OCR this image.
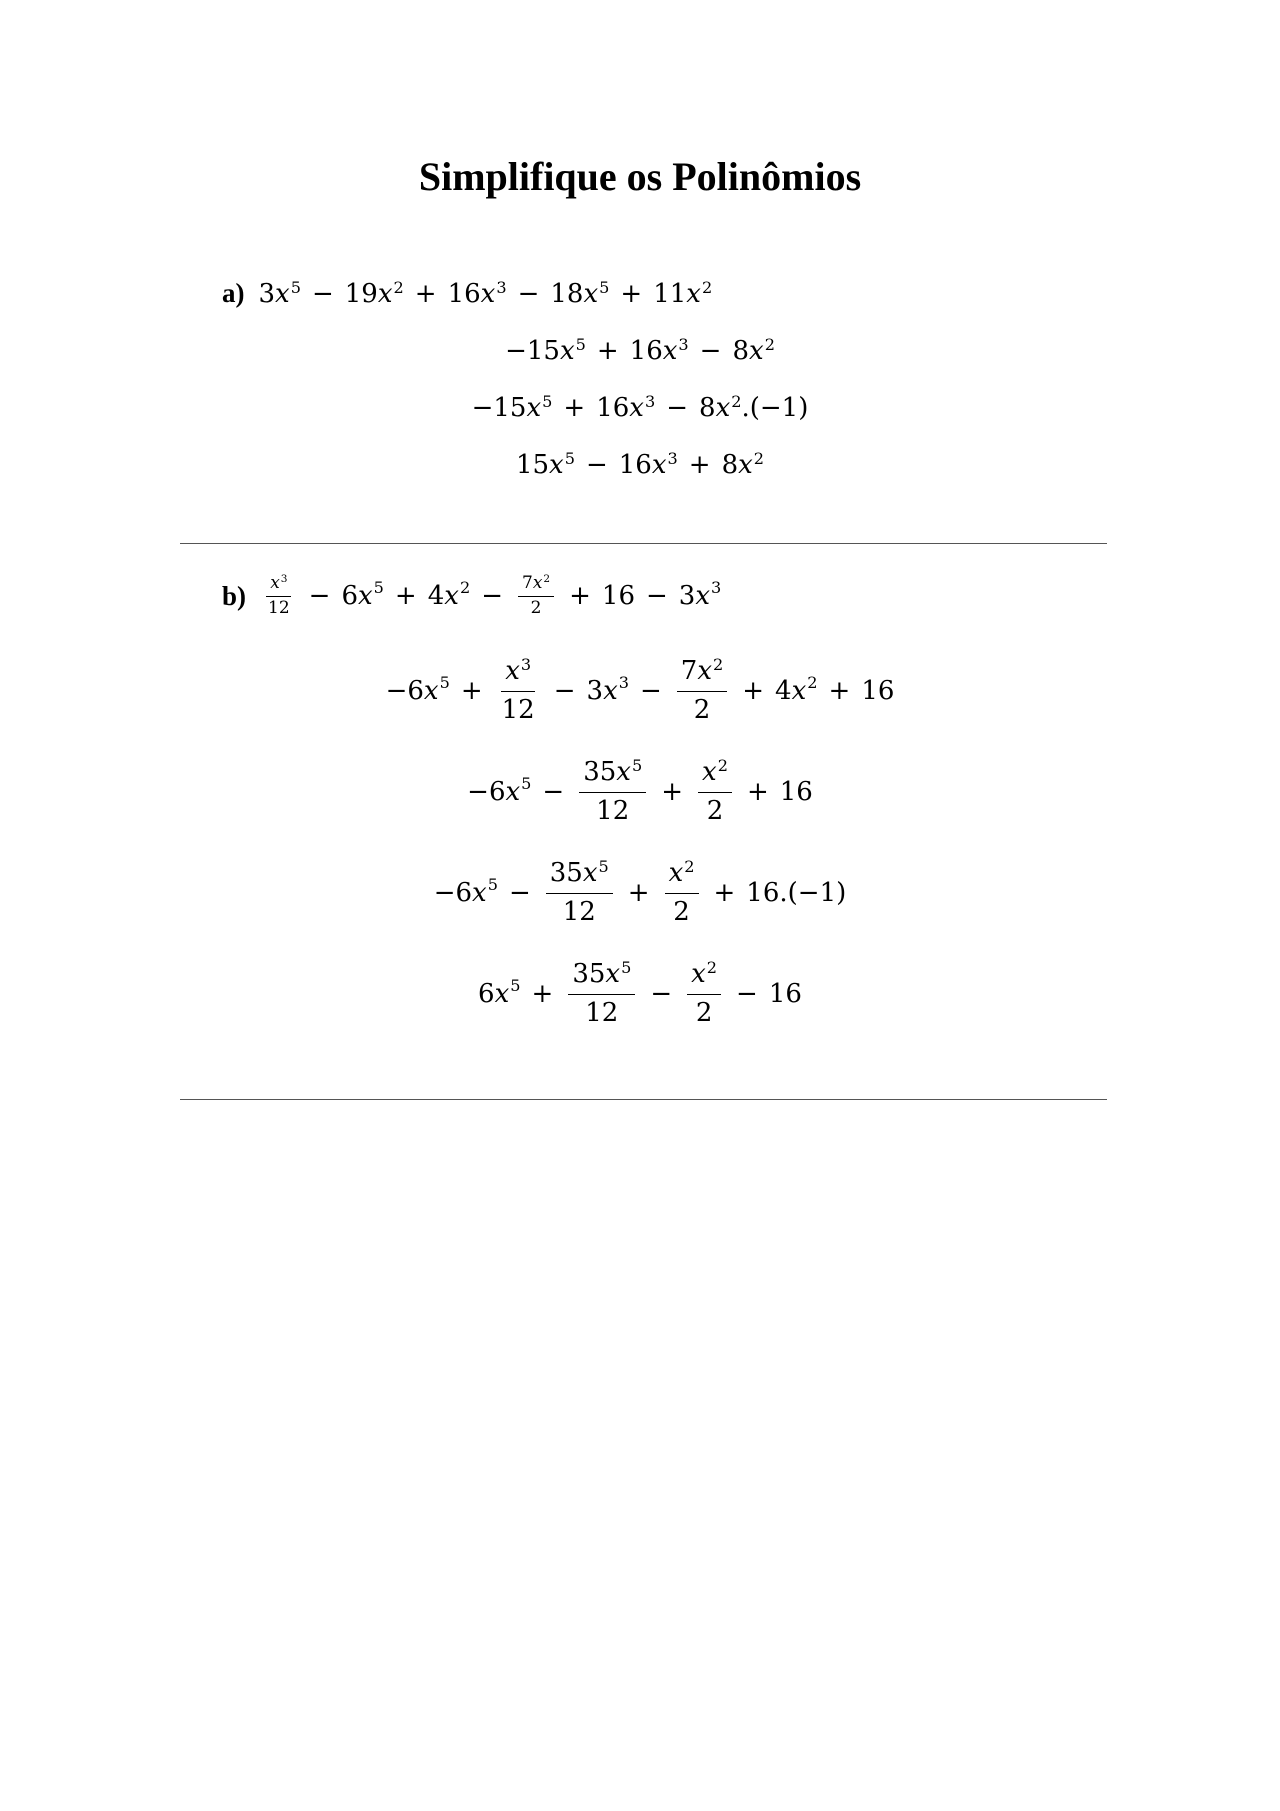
Simplifique os Polinômios
a) $3x^5 - 19x^2 + 16x^3 - 18x^5 + 11x^2$
$-15x^5 + 16x^3 - 8x^2$
$-15x^5 + 16x^3 - 8x^2.(-1)$
$15x^5 - 16x^3 + 8x^2$
$b) \frac{x^3}{12} - 6$ $x^5 + 4$ $x^2 - \frac{7x^2}{2} + 16 - 3$ $x^3$
−6 $x^5 + \frac{x^3}{12} - 3$ $x^3 - \frac{7x^2}{2} + 4$ $x^2 + 16$
−6 $x^5 - \frac{35x^5}{12} + \frac{x^2}{2} + 16$
−6 $x^5 - \frac{35x^5}{12} + \frac{x^2}{2} + 16.(-1)$
6 $x^5 + \frac{35x^5}{12} - \frac{x^2}{2} - 16$
